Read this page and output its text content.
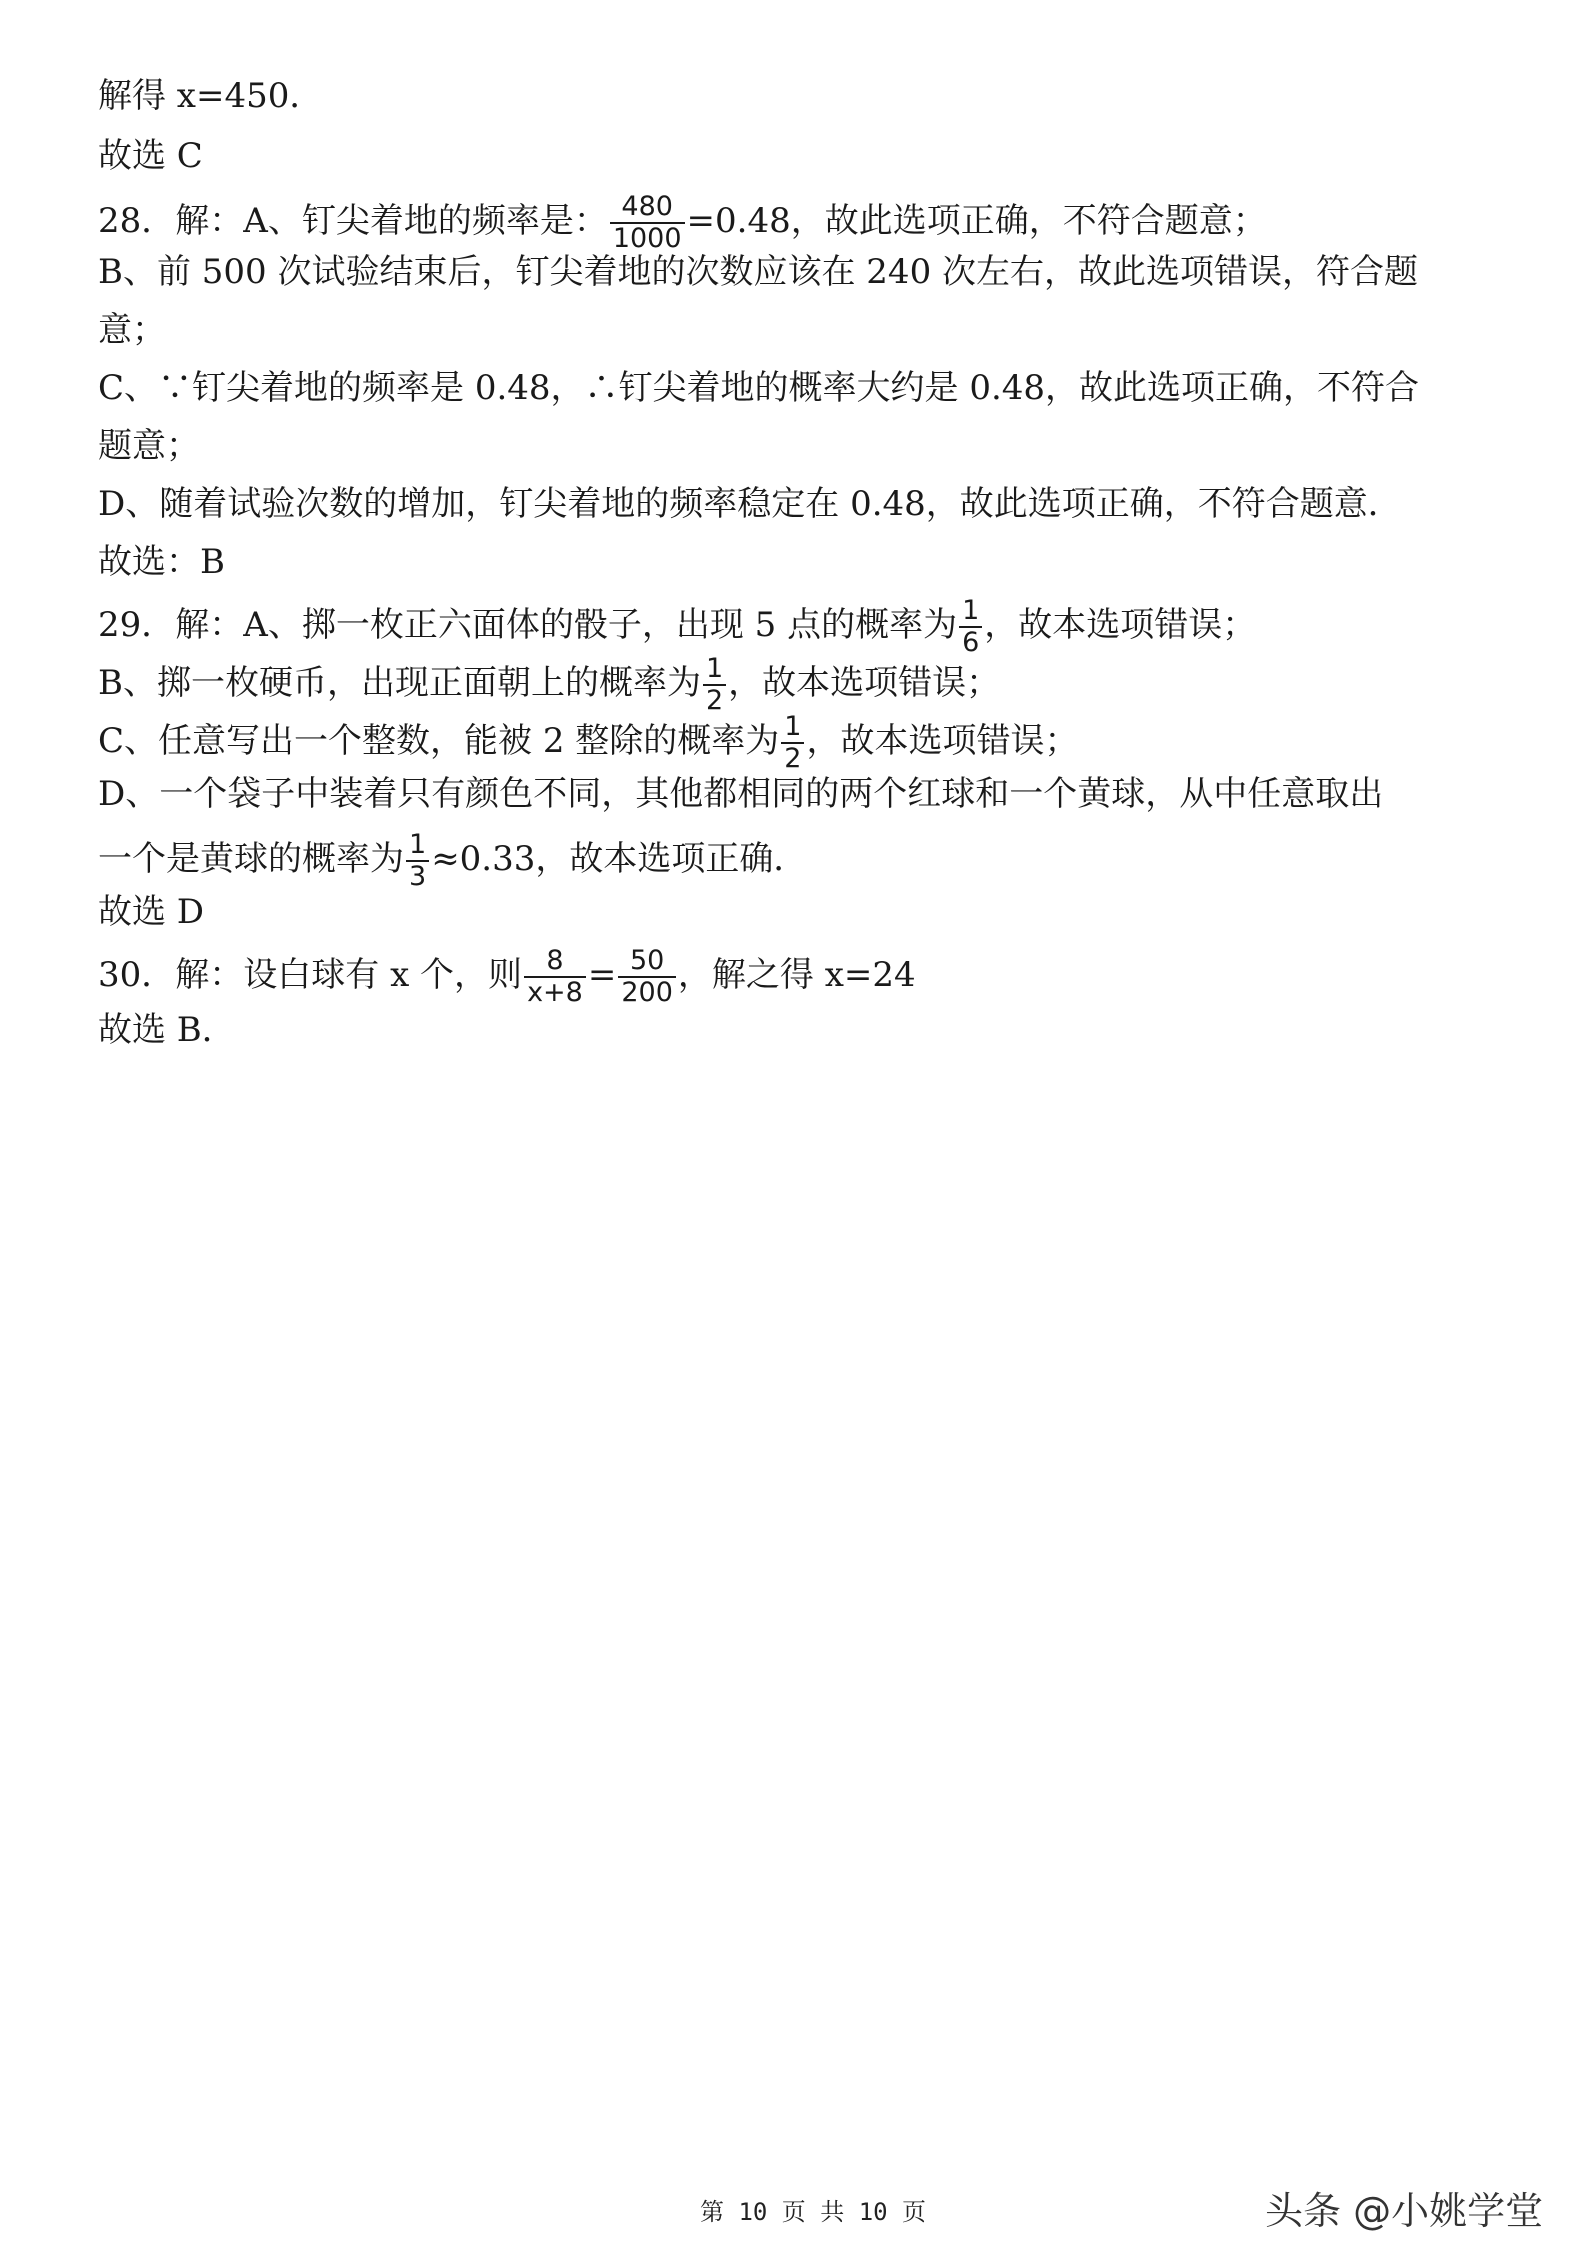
解得 x=450．
故选 C
28．解：A、钉尖着地的频率是： $\frac{480}{1000} =0.48$，故此选项正确，不符合题意；
B、前 500 次试验结束后，钉尖着地的次数应该在 240 次左右，故此选项错误，符合题
意；
C、∵钉尖着地的频率是 0.48，∴钉尖着地的概率大约是 0.48，故此选项正确，不符合
题意；
D、随着试验次数的增加，钉尖着地的频率稳定在 0.48，故此选项正确，不符合题意．
故选：B
29．解：A、掷一枚正六面体的骰子，出现 5 点的概率为 $\frac{1}{6}$ ，故本选项错误；
B、掷一枚硬币，出现正面朝上的概率为 $\frac{1}{2}$ ，故本选项错误；
C、任意写出一个整数，能被 2 整除的概率为 $\frac{1}{2}$ ，故本选项错误；
D、一个袋子中装着只有颜色不同，其他都相同的两个红球和一个黄球，从中任意取出
一个是黄球的概率为 $\frac{1}{3} \approx 0.33$，故本选项正确．
故选 D
30．解：设白球有 x 个，则 $\frac{8}{x+8} = \frac{50}{200}$ ，解之得 x=24
故选 B．
第 10 页 共 10 页	头条 @小姚学堂
